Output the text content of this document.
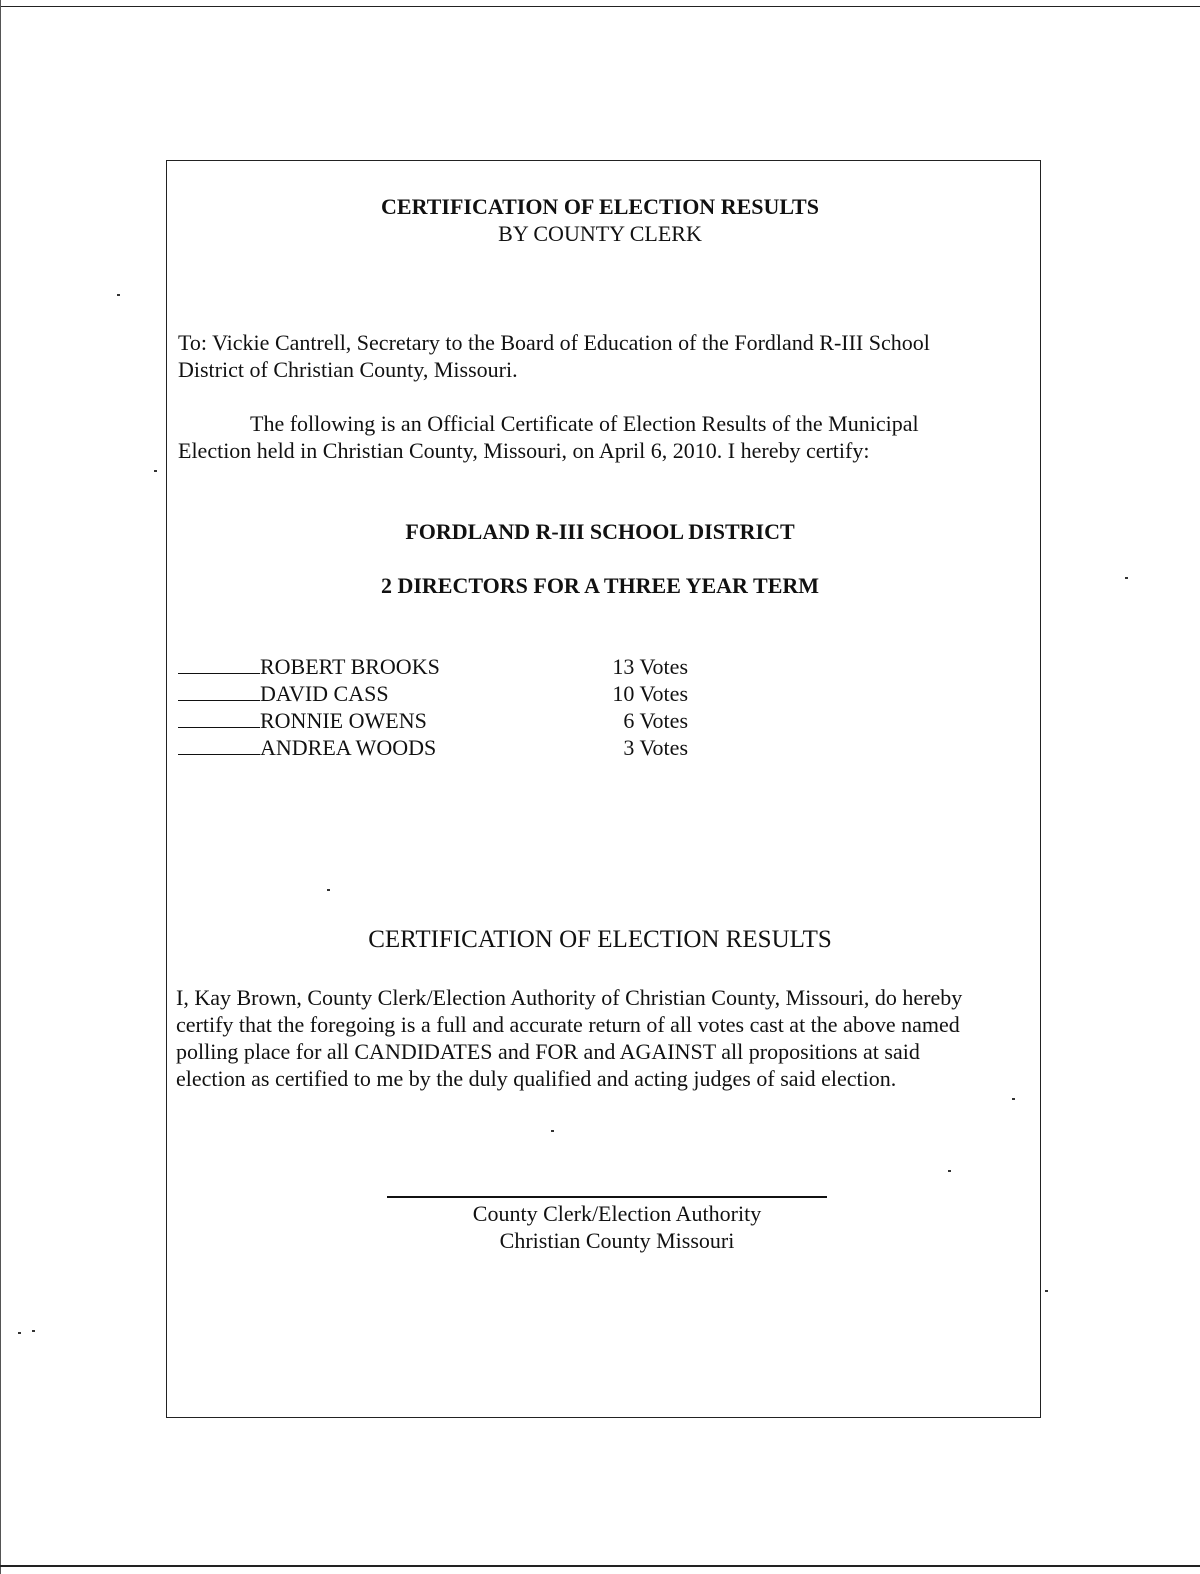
CERTIFICATION OF ELECTION RESULTS
BY COUNTY CLERK
To: Vickie Cantrell, Secretary to the Board of Education of the Fordland R-III School
District of Christian County, Missouri.
The following is an Official Certificate of Election Results of the Municipal
Election held in Christian County, Missouri, on April 6, 2010. I hereby certify:
FORDLAND R-III SCHOOL DISTRICT
2 DIRECTORS FOR A THREE YEAR TERM
ROBERT BROOKS	13 Votes
DAVID CASS	10 Votes
RONNIE OWENS	6 Votes
ANDREA WOODS	3 Votes
CERTIFICATION OF ELECTION RESULTS
I, Kay Brown, County Clerk/Election Authority of Christian County, Missouri, do hereby
certify that the foregoing is a full and accurate return of all votes cast at the above named
polling place for all CANDIDATES and FOR and AGAINST all propositions at said
election as certified to me by the duly qualified and acting judges of said election.
County Clerk/Election Authority
Christian County Missouri
